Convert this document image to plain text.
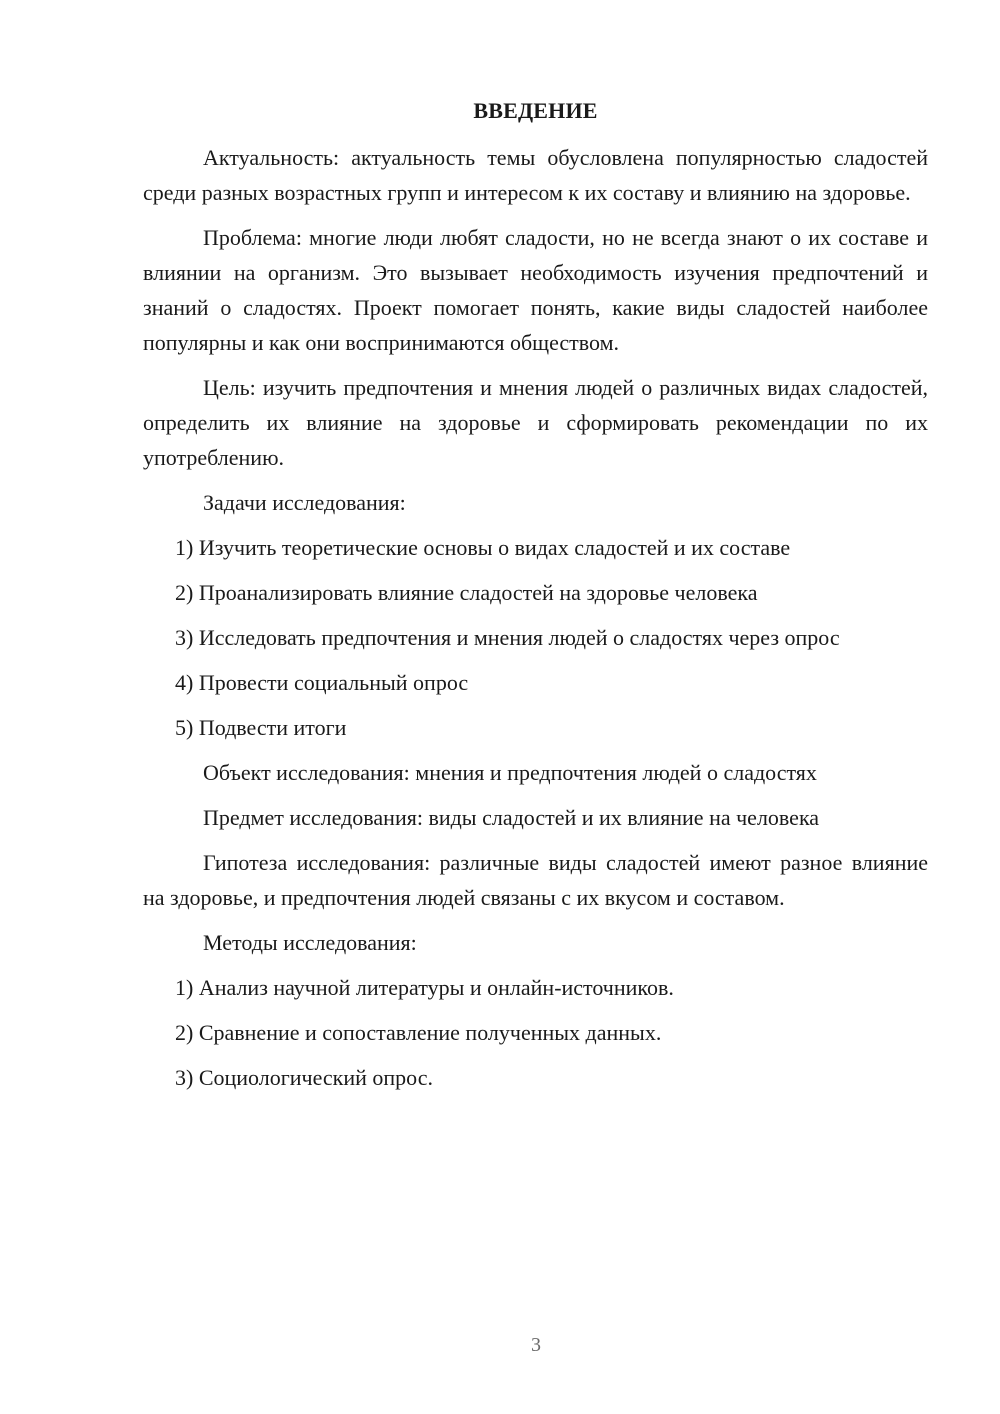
ВВЕДЕНИЕ

Актуальность: актуальность темы обусловлена популярностью сладостей среди разных возрастных групп и интересом к их составу и влиянию на здоровье.

Проблема: многие люди любят сладости, но не всегда знают о их составе и влиянии на организм. Это вызывает необходимость изучения предпочтений и знаний о сладостях. Проект помогает понять, какие виды сладостей наиболее популярны и как они воспринимаются обществом.

Цель: изучить предпочтения и мнения людей о различных видах сладостей, определить их влияние на здоровье и сформировать рекомендации по их употреблению.

Задачи исследования:

1) Изучить теоретические основы о видах сладостей и их составе
2) Проанализировать влияние сладостей на здоровье человека
3) Исследовать предпочтения и мнения людей о сладостях через опрос
4) Провести социальный опрос
5) Подвести итоги

Объект исследования: мнения и предпочтения людей о сладостях

Предмет исследования: виды сладостей и их влияние на человека

Гипотеза исследования: различные виды сладостей имеют разное влияние на здоровье, и предпочтения людей связаны с их вкусом и составом.

Методы исследования:

1) Анализ научной литературы и онлайн-источников.
2) Сравнение и сопоставление полученных данных.
3) Социологический опрос.
3
